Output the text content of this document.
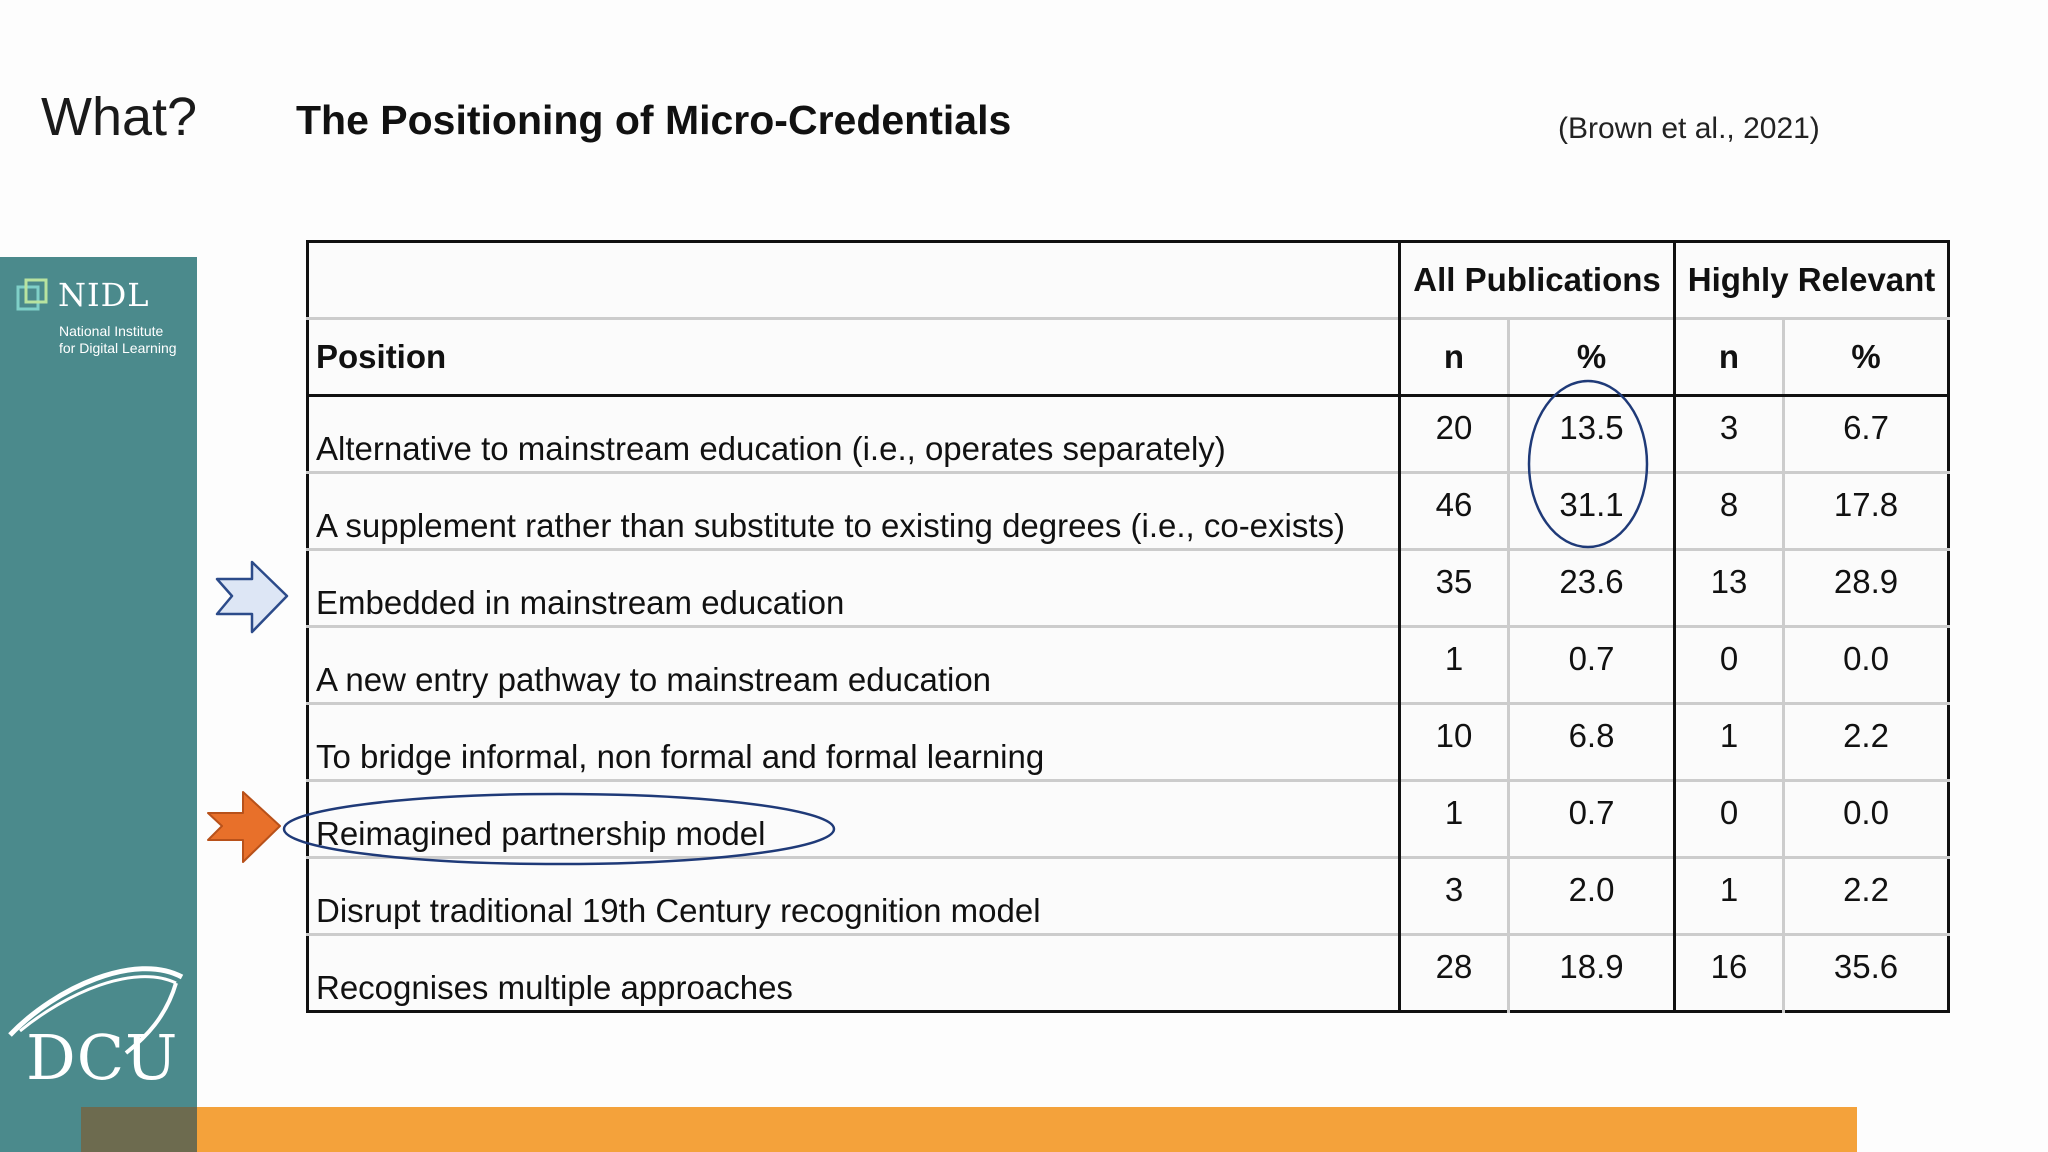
What? The Positioning of Micro-Credentials	(Brown et al., 2021)
NIDL
National Institute
for Digital Learning
DCU
	All Publications		Highly Relevant	
Position	n	%	n	%
Alternative to mainstream education (i.e., operates separately)	20	13.5	3	6.7
A supplement rather than substitute to existing degrees (i.e., co-exists)	46	31.1	8	17.8
Embedded in mainstream education	35	23.6	13	28.9
A new entry pathway to mainstream education	1	0.7	0	0.0
To bridge informal, non formal and formal learning	10	6.8	1	2.2
Reimagined partnership model	1	0.7	0	0.0
Disrupt traditional 19th Century recognition model	3	2.0	1	2.2
Recognises multiple approaches	28	18.9	16	35.6
